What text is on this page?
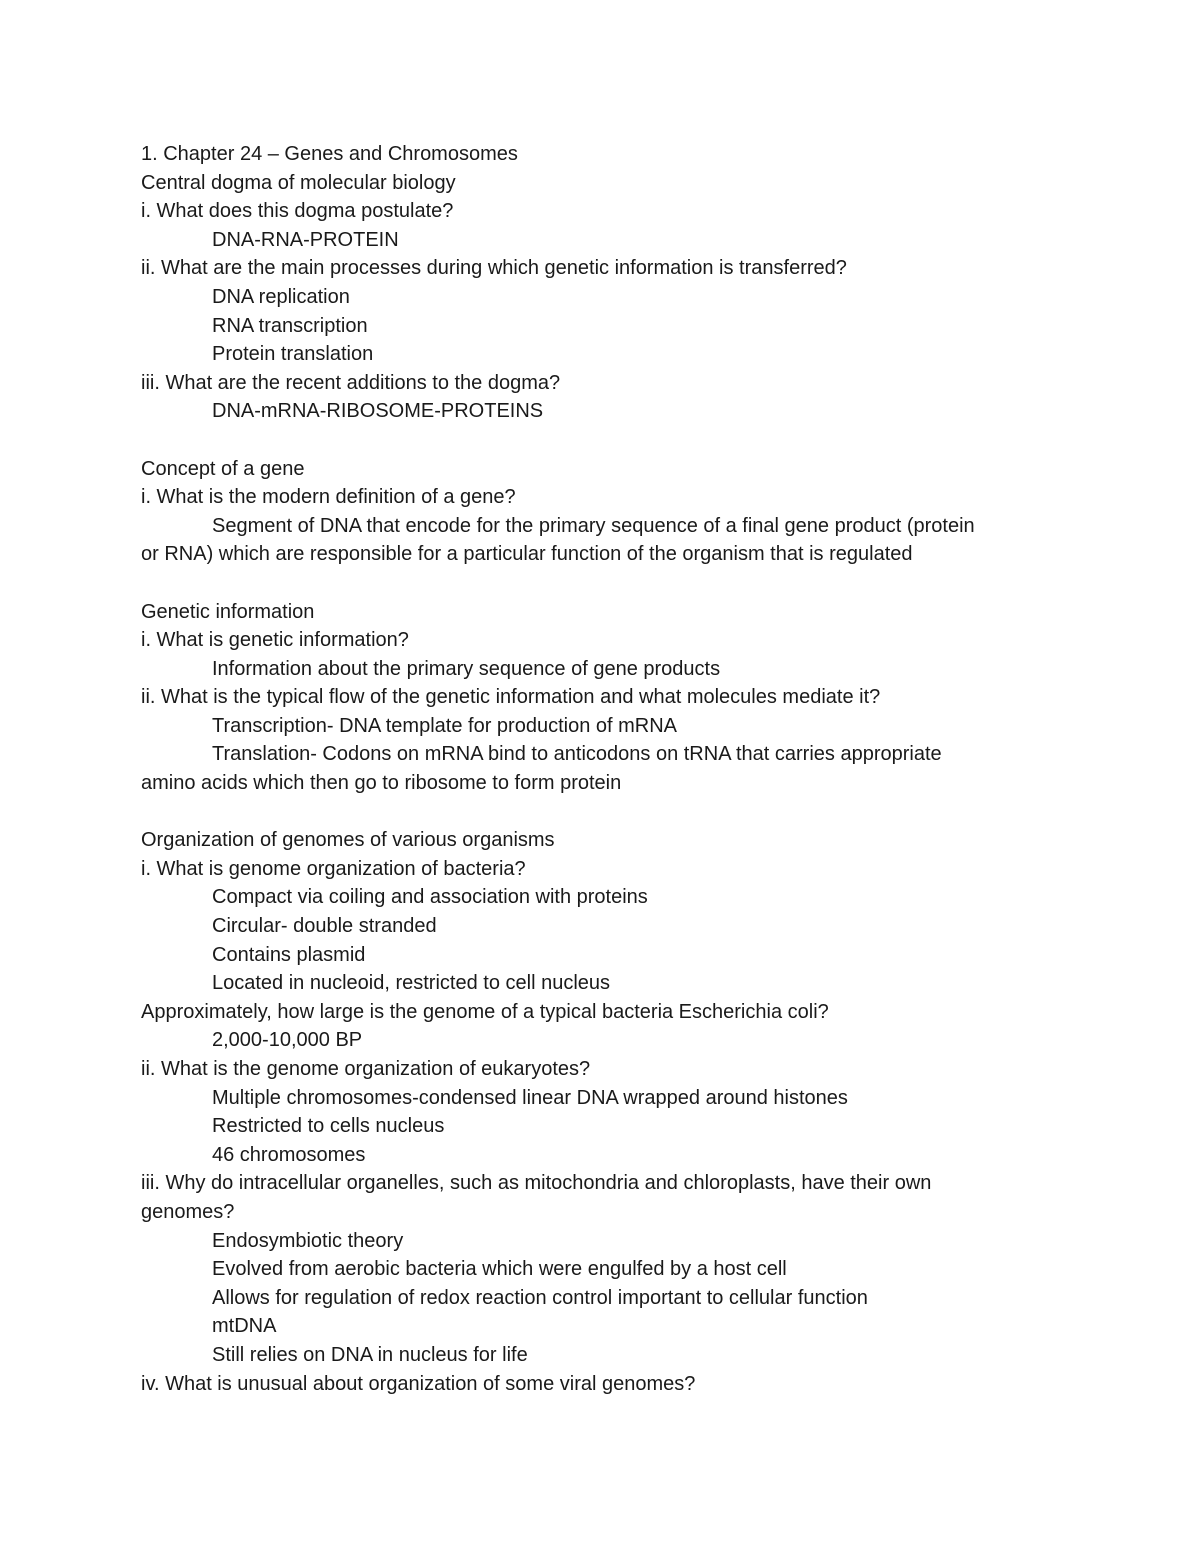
1. Chapter 24 – Genes and Chromosomes

Central dogma of molecular biology

i. What does this dogma postulate?

DNA-RNA-PROTEIN

ii. What are the main processes during which genetic information is transferred?

DNA replication

RNA transcription

Protein translation

iii. What are the recent additions to the dogma?

DNA-mRNA-RIBOSOME-PROTEINS

Concept of a gene

i. What is the modern definition of a gene?

Segment of DNA that encode for the primary sequence of a final gene product (protein

or RNA) which are responsible for a particular function of the organism that is regulated

Genetic information

i. What is genetic information?

Information about the primary sequence of gene products

ii. What is the typical flow of the genetic information and what molecules mediate it?

Transcription- DNA template for production of mRNA

Translation- Codons on mRNA bind to anticodons on tRNA that carries appropriate

amino acids which then go to ribosome to form protein

Organization of genomes of various organisms

i. What is genome organization of bacteria?

Compact via coiling and association with proteins

Circular- double stranded

Contains plasmid

Located in nucleoid, restricted to cell nucleus

Approximately, how large is the genome of a typical bacteria Escherichia coli?

2,000-10,000 BP

ii. What is the genome organization of eukaryotes?

Multiple chromosomes-condensed linear DNA wrapped around histones

Restricted to cells nucleus

46 chromosomes

iii. Why do intracellular organelles, such as mitochondria and chloroplasts, have their own

genomes?

Endosymbiotic theory

Evolved from aerobic bacteria which were engulfed by a host cell

Allows for regulation of redox reaction control important to cellular function

mtDNA

Still relies on DNA in nucleus for life

iv. What is unusual about organization of some viral genomes?
